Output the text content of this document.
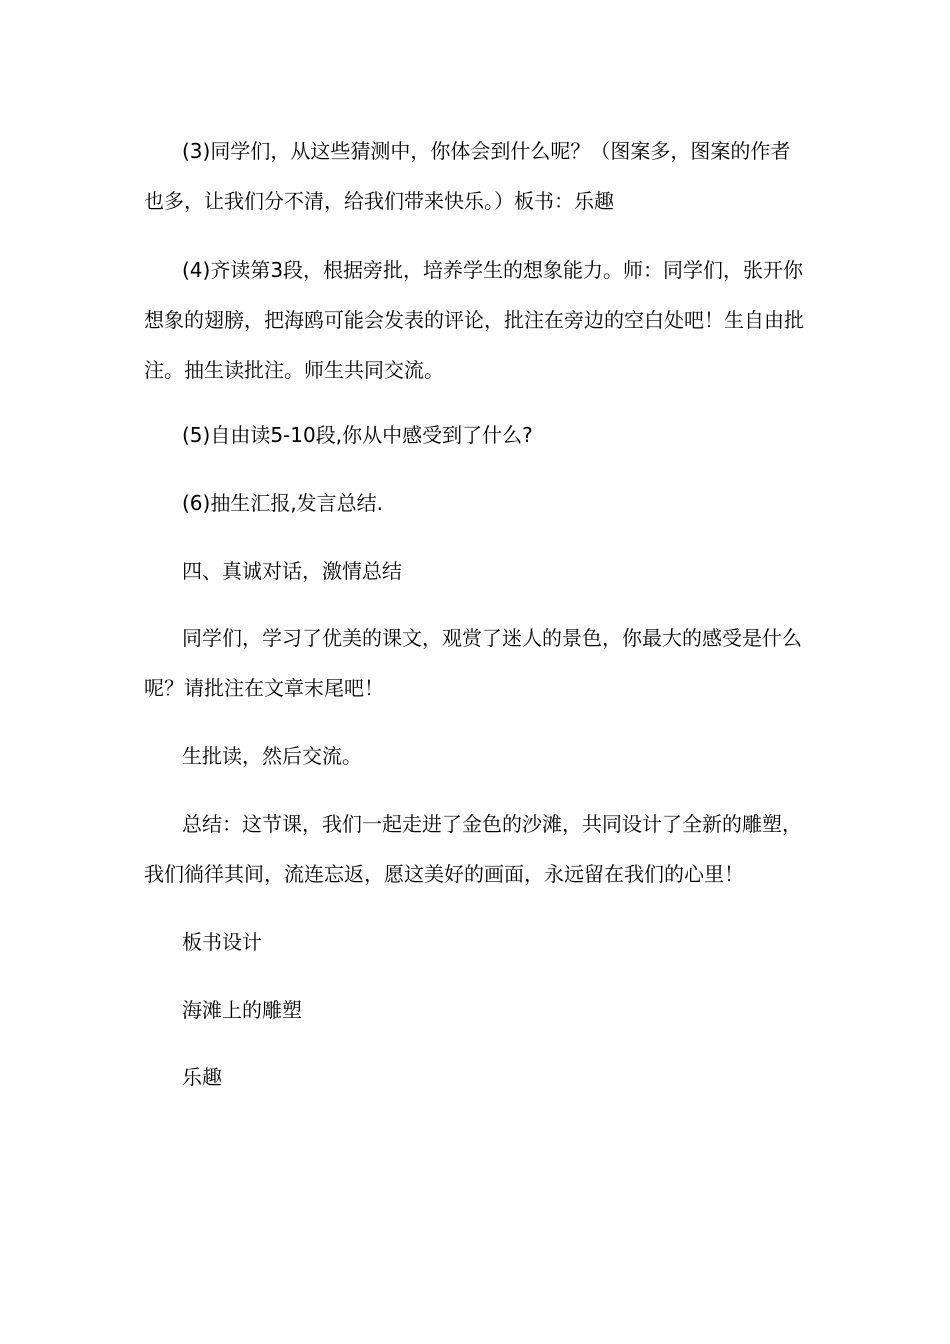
(3)同学们，从这些猜测中，你体会到什么呢？（图案多，图案的作者也多，让我们分不清，给我们带来快乐。）板书：乐趣

(4)齐读第3段，根据旁批，培养学生的想象能力。师：同学们，张开你想象的翅膀，把海鸥可能会发表的评论，批注在旁边的空白处吧！生自由批注。抽生读批注。师生共同交流。

(5)自由读5-10段,你从中感受到了什么?

(6)抽生汇报,发言总结.

四、真诚对话，激情总结

同学们，学习了优美的课文，观赏了迷人的景色，你最大的感受是什么呢？请批注在文章末尾吧！

生批读，然后交流。

总结：这节课，我们一起走进了金色的沙滩，共同设计了全新的雕塑，我们徜徉其间，流连忘返，愿这美好的画面，永远留在我们的心里！

板书设计

海滩上的雕塑

乐趣
